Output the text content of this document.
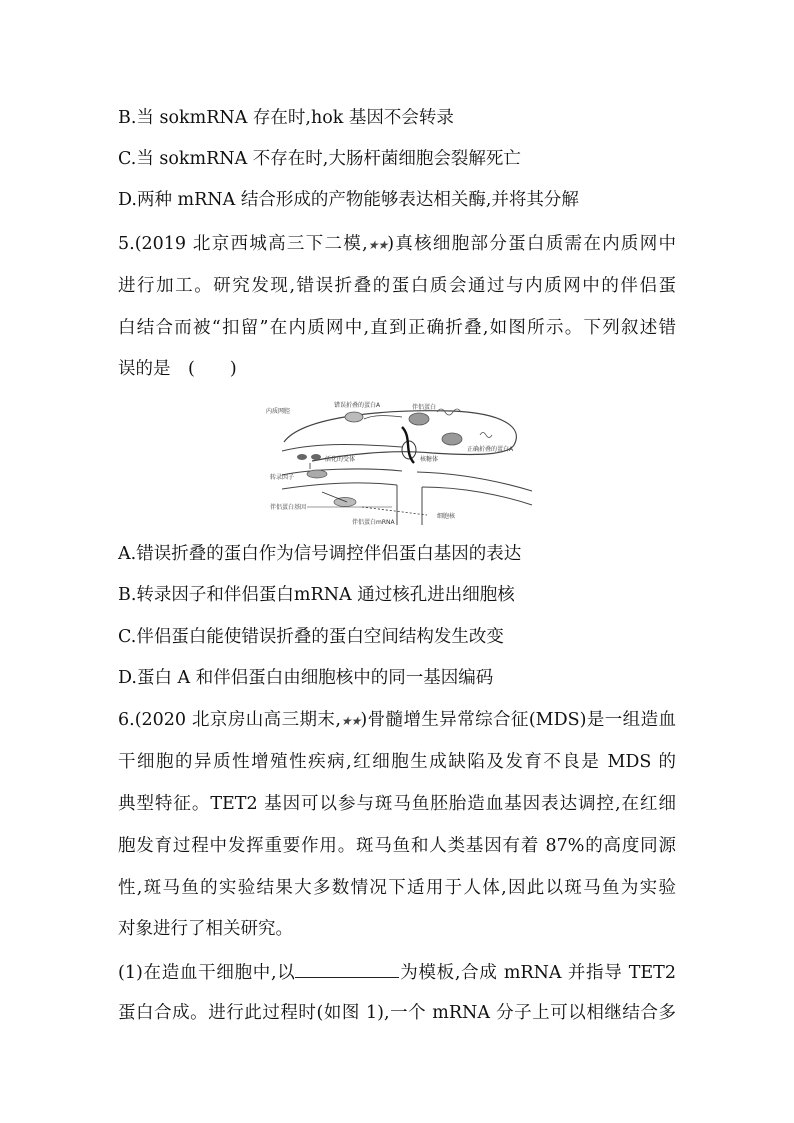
B.当 sokmRNA 存在时,hok 基因不会转录
C.当 sokmRNA 不存在时,大肠杆菌细胞会裂解死亡
D.两种 mRNA 结合形成的产物能够表达相关酶,并将其分解
5.(2019 北京西城高三下二模,★★)真核细胞部分蛋白质需在内质网中
进行加工。研究发现,错误折叠的蛋白质会通过与内质网中的伴侣蛋
白结合而被“扣留”在内质网中,直到正确折叠,如图所示。下列叙述错
误的是　(　　)
内质网腔
错误折叠的蛋白A	伴侣蛋白
正确折叠的蛋白A
活化的受体	核糖体
转录因子
伴侣蛋白基因
伴侣蛋白mRNA
细胞核
A.错误折叠的蛋白作为信号调控伴侣蛋白基因的表达
B.转录因子和伴侣蛋白mRNA 通过核孔进出细胞核
C.伴侣蛋白能使错误折叠的蛋白空间结构发生改变
D.蛋白 A 和伴侣蛋白由细胞核中的同一基因编码
6.(2020 北京房山高三期末,★★)骨髓增生异常综合征(MDS)是一组造血
干细胞的异质性增殖性疾病,红细胞生成缺陷及发育不良是 MDS 的
典型特征。TET2 基因可以参与斑马鱼胚胎造血基因表达调控,在红细
胞发育过程中发挥重要作用。斑马鱼和人类基因有着 87%的高度同源
性,斑马鱼的实验结果大多数情况下适用于人体,因此以斑马鱼为实验
对象进行了相关研究。
(1)在造血干细胞中,以	为模板,合成 mRNA 并指导 TET2
蛋白合成。进行此过程时(如图 1),一个 mRNA 分子上可以相继结合多
